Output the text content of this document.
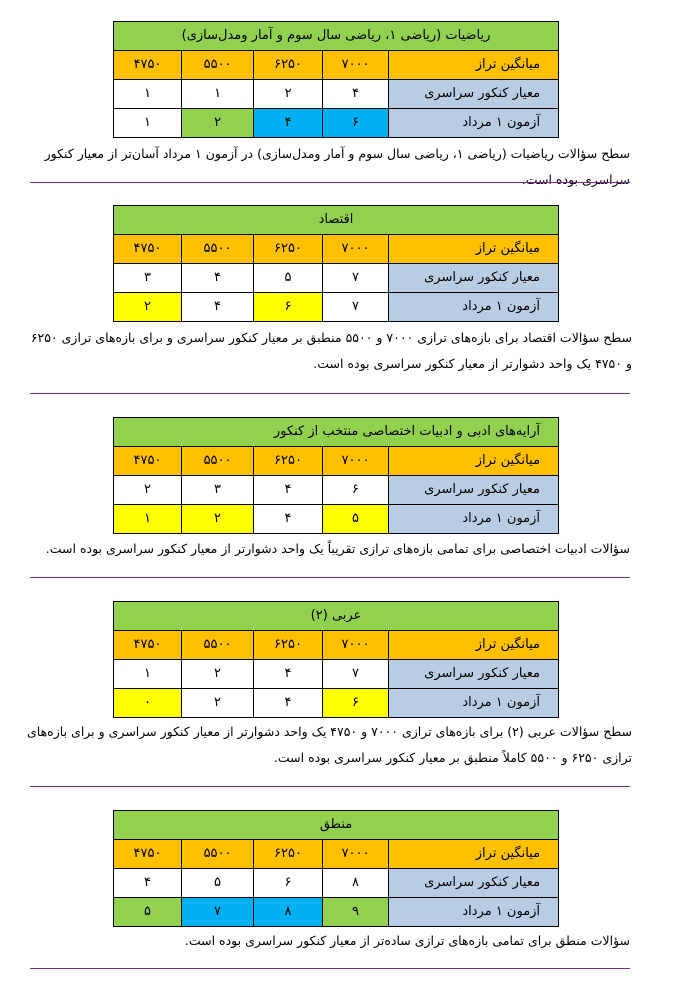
ریاضیات (ریاضی ۱، ریاضی سال سوم و آمار ومدل‌سازی)				
میانگین تراز	۷۰۰۰	۶۲۵۰	۵۵۰۰	۴۷۵۰
معیار کنکور سراسری	۴	۲	۱	۱
آزمون ۱ مرداد	۶	۴	۲	۱
سطح سؤالات ریاضیات (ریاضی ۱، ریاضی سال سوم و آمار ومدل‌سازی) در آزمون ۱ مرداد آسان‌تر از معیار کنکور سراسری بوده است.
اقتصاد				
میانگین تراز	۷۰۰۰	۶۲۵۰	۵۵۰۰	۴۷۵۰
معیار کنکور سراسری	۷	۵	۴	۳
آزمون ۱ مرداد	۷	۶	۴	۲
سطح سؤالات اقتصاد برای بازه‌های ترازی ۷۰۰۰ و ۵۵۰۰ منطبق بر معیار کنکور سراسری و برای بازه‌های ترازی ۶۲۵۰
و ۴۷۵۰ یک واحد دشوارتر از معیار کنکور سراسری بوده است.
آرایه‌های ادبی و ادبیات اختصاصی منتخب از کنکور				
میانگین تراز	۷۰۰۰	۶۲۵۰	۵۵۰۰	۴۷۵۰
معیار کنکور سراسری	۶	۴	۳	۲
آزمون ۱ مرداد	۵	۴	۲	۱
سؤالات ادبیات اختصاصی برای تمامی بازه‌های ترازی تقریباً یک واحد دشوارتر از معیار کنکور سراسری بوده است.
عربی (۲)				
میانگین تراز	۷۰۰۰	۶۲۵۰	۵۵۰۰	۴۷۵۰
معیار کنکور سراسری	۷	۴	۲	۱
آزمون ۱ مرداد	۶	۴	۲	۰
سطح سؤالات عربی (۲) برای بازه‌های ترازی ۷۰۰۰ و ۴۷۵۰ یک واحد دشوارتر از معیار کنکور سراسری و برای بازه‌های
ترازی ۶۲۵۰ و ۵۵۰۰ کاملاً منطبق بر معیار کنکور سراسری بوده است.
منطق				
میانگین تراز	۷۰۰۰	۶۲۵۰	۵۵۰۰	۴۷۵۰
معیار کنکور سراسری	۸	۶	۵	۴
آزمون ۱ مرداد	۹	۸	۷	۵
سؤالات منطق برای تمامی بازه‌های ترازی ساده‌تر از معیار کنکور سراسری بوده است.
